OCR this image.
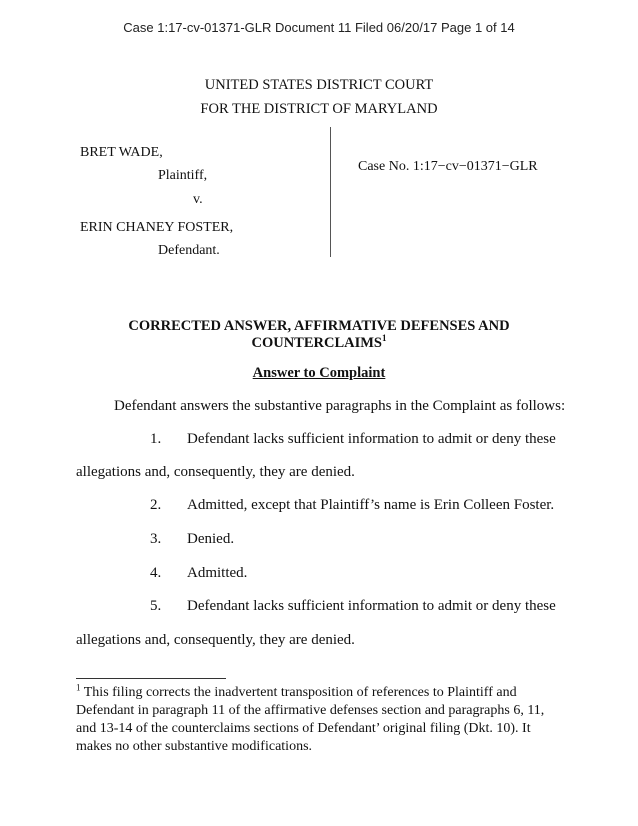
Case 1:17-cv-01371-GLR Document 11 Filed 06/20/17 Page 1 of 14
UNITED STATES DISTRICT COURT
FOR THE DISTRICT OF MARYLAND
BRET WADE,
Plaintiff,
v.
ERIN CHANEY FOSTER,
Defendant.
Case No. 1:17−cv−01371−GLR
CORRECTED ANSWER, AFFIRMATIVE DEFENSES AND
COUNTERCLAIMS$^1$
Answer to Complaint
Defendant answers the substantive paragraphs in the Complaint as follows:
1. Defendant lacks sufficient information to admit or deny these
allegations and, consequently, they are denied.
2. Admitted, except that Plaintiff’s name is Erin Colleen Foster.
3. Denied.
4. Admitted.
5. Defendant lacks sufficient information to admit or deny these
allegations and, consequently, they are denied.
$^1$ This filing corrects the inadvertent transposition of references to Plaintiff and Defendant in paragraph 11 of the affirmative defenses section and paragraphs 6, 11, and 13-14 of the counterclaims sections of Defendant’ original filing (Dkt. 10). It makes no other substantive modifications.
